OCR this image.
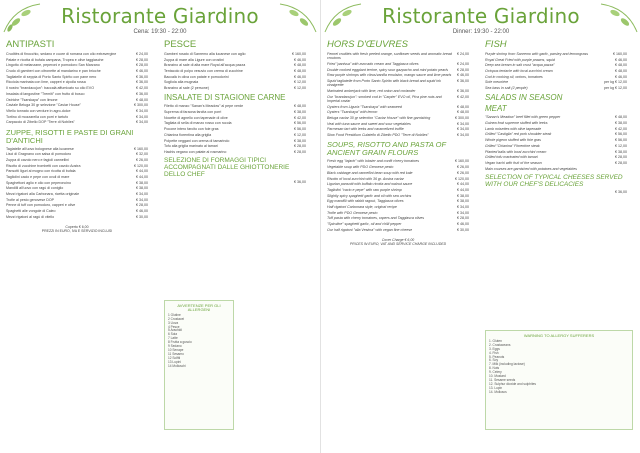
Ristorante Giardino
Cena: 19:30 - 22:00
ANTIPASTI
Crudités di finocchio, sedano e cuore di romana con olio extravergine	€ 24,00
Patate e ricotta di bufala campana, Tropea e olive taggiasche	€ 28,00
Lingotto di melanzane, peperoni e pomodoro San Marzano	€ 28,00
Crudo di gamberi con citronette al mandarino e pan brioche	€ 46,00
Tagliatelle di seppia di Porto Santo Spirito con pane nero	€ 36,00
Ricciola marinata con lime, capperi e cipolla rossa	€ 36,00
Il nostro "brandacujun": baccalà affumicato su olio EVO	€ 42,00
Insalata di langostine "Tremiti" con frutto di bosco	€ 36,00
Ostriche "Tsarskaya" con limone	€ 48,00
Caviale Beluga 30 gr selezione "Caviar House"	€ 300,00
Vitello tonnato con verdure in agro-dolce	€ 34,00
Tortino di mozzarella con porri e tartufo	€ 34,00
Carpaccio di Zibello DOP "Terre di Nobiles"	€ 34,00
ZUPPE, RISOTTI E PASTE DI GRANI D'ANTICHI
Tagiatelle all'uovo bolognese alla lucanese	€ 160,00
Lisci di Gragnano con salsa di pomodoro	€ 32,00
Zuppa di cavolo nero e fagioli cannellini	€ 26,00
Risotto di zucchine trombetti con cavolo Aostra	€ 120,00
Pansotti liguri al mogno con ricotta di bufala	€ 44,00
Tagliolini cacio e pepe con ovuli di mare	€ 44,00
Spaghettoni aglio e olio con peperoncino	€ 38,00
Mandilli all'uovo con ragù di coniglio	€ 38,00
Mezzi rigatoni alla Carbonara, ricetta originale	€ 34,00
Trofie al pesto genovese DOP	€ 34,00
Penne di tuff con pomodoro, capperi e olive	€ 28,00
Spaghetti alle vongole di Caleo	€ 46,00
Mezzi rigatoni al ragù di vitello	€ 30,00
Coperto € 6,00
PREZZI IN EURO, IVA E SERVIZIO INCLUSI
PESCE
Gamberi rosato di Sanremo alla lucanese con aglio	€ 160,00
Zuppa di mare alla Ligure con crostini	€ 46,00
Branzino al sale di alta mare Royal all'acqua pazza	€ 48,00
Tentacolo di polpo vesuvio con crema di zucchine	€ 48,00
Baccalà in oliva con patate e pomodorini	€ 46,00
Sogliola alla mugnaia	€ 12,00
Branzino al sale (2 persone)	€ 12,00
INSALATE DI STAGIONE CARNE
Filetto di manzo "Sanan's Meadow" al pepe verde	€ 48,00
Suprema di faraona farcita con porri	€ 38,00
Nocette di agnello con tapenade di olive	€ 42,00
Tagliata di sella di manzo rosso con rucola	€ 56,00
Pocone intero farcito con foie gras	€ 56,00
Chianina fiorentina alla griglia	€ 12,00
Polpette veggani con crema di tamarindo	€ 38,00
Tofu alla griglia marinato al tamari	€ 28,00
Hachis vegano con patate al rosmarino	€ 28,00
SELEZIONE DI FORMAGGI TIPICI ACCOMPAGNATI DALLE GHIOTTONERIE DELLO CHEF
€ 36,00
AVVERTENZE PER GLI ALLERGENI
1 Glutine
2 Crostacei
3 Uova
4 Pesce
5 Arachidi
6 Soia
7 Latte
8 Frutta a guscio
9 Sedano
10 Senape
11 Sesamo
12 Solfiti
13 Lupini
14 Molluschi
Ristorante Giardino
Dinner: 19:30 - 22:00
HORS D'ŒUVRES
Fennel crudités with fresh peeled orange, sunflower seeds and aromatic bread croutons
€ 24,00
Fried "panissa" with avocado cream and Taggiasca olives	€ 24,00
Double cooked eggplant terrine, spicy sour gazpacho and mini potato pearls	€ 28,00
Raw purple shrimps with citrus/vanilla emulsion, mango sauce and lime pearls	€ 46,00
Squid tagliatelle from Porto Santo Spirito with black bread and squid ink vinaigrette
€ 36,00
Marinated amberjack with lime, red onion and coriander	€ 36,00
Our "brandacujun": smoked cod in "Carpier" EVO oil, Pica pine nuts and Imperial caviar
€ 42,00
Oysters from Liguria "Tsarskaya" with seaweed	€ 48,00
Oysters "Tsarskaya" with lemon	€ 48,00
Beluga caviar 30 gr selection "Caviar House" with fine garnishing	€ 300,00
Veal with tuna sauce and sweet and sour vegetables	€ 34,00
Parmesan tart with leeks and caramelized truffle	€ 34,00
Slow Food Presidium Culatello di Zibello PDO "Terre di Nobiles"	€ 34,00
SOUPS, RISOTTO AND PASTA OF ANCIENT GRAIN FLOURS
Fresh egg "tajarin" with lobster and confit cherry tomatoes	€ 160,00
Vegetable soup with PDO Genoese pesto	€ 26,00
Black cabbage and cannellini bean soup with red kale	€ 26,00
Risotto of local zucchini with 36 gr. Aostra caviar	€ 120,00
Ligurian pansotti with buffalo ricotta and walnut sauce	€ 44,00
Tagliolini "cacio e pepe" with raw purple shrimp	€ 44,00
Slightly spicy spaghetti garlic and oil with sea urchins	€ 38,00
Egg mandilli with rabbit ragout, Taggiasca olives	€ 38,00
Half rigatoni Carbonara style, original recipe	€ 34,00
Trofie with PDO Genoese pesto	€ 34,00
Tuff pasta with cherry tomatoes, capers and Taggiasca olives	€ 28,00
"Spiruline" spaghetti garlic, oil and chilli pepper	€ 46,00
Our half rigatoni "alla Vesima" with vegan fine cheese	€ 30,00
Cover Charge € 6,00
PRICES IN EURO, VAT AND SERVICE CHARGE INCLUDED
FISH
Purple shrimp from Sanremo with garlic, parsley and lemongrass	€ 160,00
Royal Great Fried with purple prawns, squid	€ 46,00
Deep sea bream in salt crust "acqua pazza"	€ 48,00
Octopus tentacle with local zucchini cream	€ 48,00
Cod in cooking oil, onions, tomatoes	€ 46,00
Sole meunière	per kg € 12,00
Sea bass in salt (2 people)	per kg € 12,00
SALADS IN SEASON
MEAT
"Sanan's Meadow" beef fillet with green pepper	€ 48,00
Guinea fowl supreme stuffed with leeks	€ 38,00
Lamb noisettes with olive tapenade	€ 42,00
Grilled "Castiglia" red pork shoulder steak	€ 56,00
Whole pigeon stuffed with foie gras	€ 56,00
Grilled "Chianina" Florentine steak	€ 12,00
Planted balls with local zucchini cream	€ 38,00
Grilled tofu marinated with tamari	€ 28,00
Vegan hachi with fruit of the season	€ 28,00
Main courses are garnished with potatoes and vegetables
SELECTION OF TYPICAL CHEESES SERVED WITH OUR CHEF'S DELICACIES
€ 36,00
WARNING TO ALLERGY SUFFERERS
1. Gluten
2. Crustaceans
3. Eggs
4. Fish
5. Peanuts
6. Soy
7. Milk (including lactose)
8. Nuts
9. Celery
10. Mustard
11. Sesame seeds
12. Sulphur dioxide and sulphites
13. Lupin
14. Molluscs
